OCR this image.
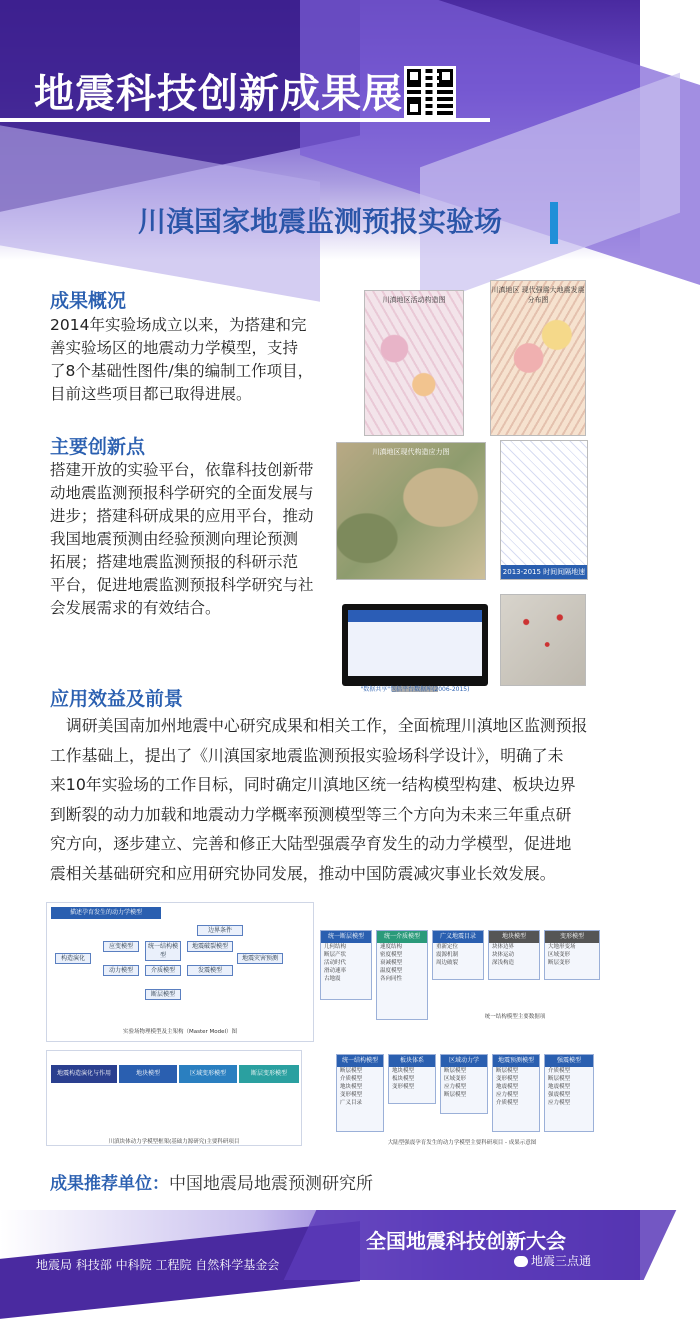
地震科技创新成果展
川滇国家地震监测预报实验场
成果概况
2014年实验场成立以来，为搭建和完
善实验场区的地震动力学模型，支持
了8个基础性图件/集的编制工作项目，
目前这些项目都已取得进展。
主要创新点
搭建开放的实验平台，依靠科技创新带
动地震监测预报科学研究的全面发展与
进步；搭建科研成果的应用平台，推动
我国地震预测由经验预测向理论预测
拓展；搭建地震监测预报的科研示范
平台，促进地震监测预报科学研究与社
会发展需求的有效结合。
川滇地区活动构造图
川滇地区 现代强震大地震发震分布图
川滇地区现代构造应力图
2013-2015 时间间隔地速场
"数据共享"包括平台数据库(2006-2015)
应用效益及前景
调研美国南加州地震中心研究成果和相关工作，全面梳理川滇地区监测预报
工作基础上，提出了《川滇国家地震监测预报实验场科学设计》，明确了未
来10年实验场的工作目标，同时确定川滇地区统一结构模型构建、板块边界
到断裂的动力加载和地震动力学概率预测模型等三个方向为未来三年重点研
究方向，逐步建立、完善和修正大陆型强震孕育发生的动力学模型，促进地
震相关基础研究和应用研究协同发展，推动中国防震减灾事业长效发展。
描述孕育发生的动力学模型
构造演化
边界条件
应变模型	地震破裂模型
地震灾害预测
动力模型
统一结构模型
介质模型	发震模型
断层模型
实验场物理模型及主架构（Master Model）图
统一断层模型
几何结构
断层产状
活动时代
滑动速率
古地震
统一介质模型
速度结构
密度模型
衰减模型
温度模型
各向同性
广义地震目录
重新定位
震源机制
周边破裂
地块模型
块体边界
块体运动
深浅构造
变形模型
大地形变场
区域变形
断层变形
统一结构模型主要数据项
地震构造演化与作用	地块模型	区域变形模型	断层变形模型
川滇块体动力学模型框架(基础力源研究)主要科研项目
统一结构模型
断层模型
介质模型
地块模型
变形模型
广义目录
板块体系
地块模型
板块模型
变形模型
区域动力学
断层模型
区域变形
应力模型
断层模型
地震预测模型
断层模型
变形模型
地震模型
应力模型
介质模型
强震模型
介质模型
断层模型
地震模型
强震模型
应力模型
大陆型强震孕育发生的动力学模型主要科研项目 - 成果示意图
成果推荐单位：中国地震局地震预测研究所
全国地震科技创新大会
地震局 科技部 中科院 工程院 自然科学基金会	地震三点通
